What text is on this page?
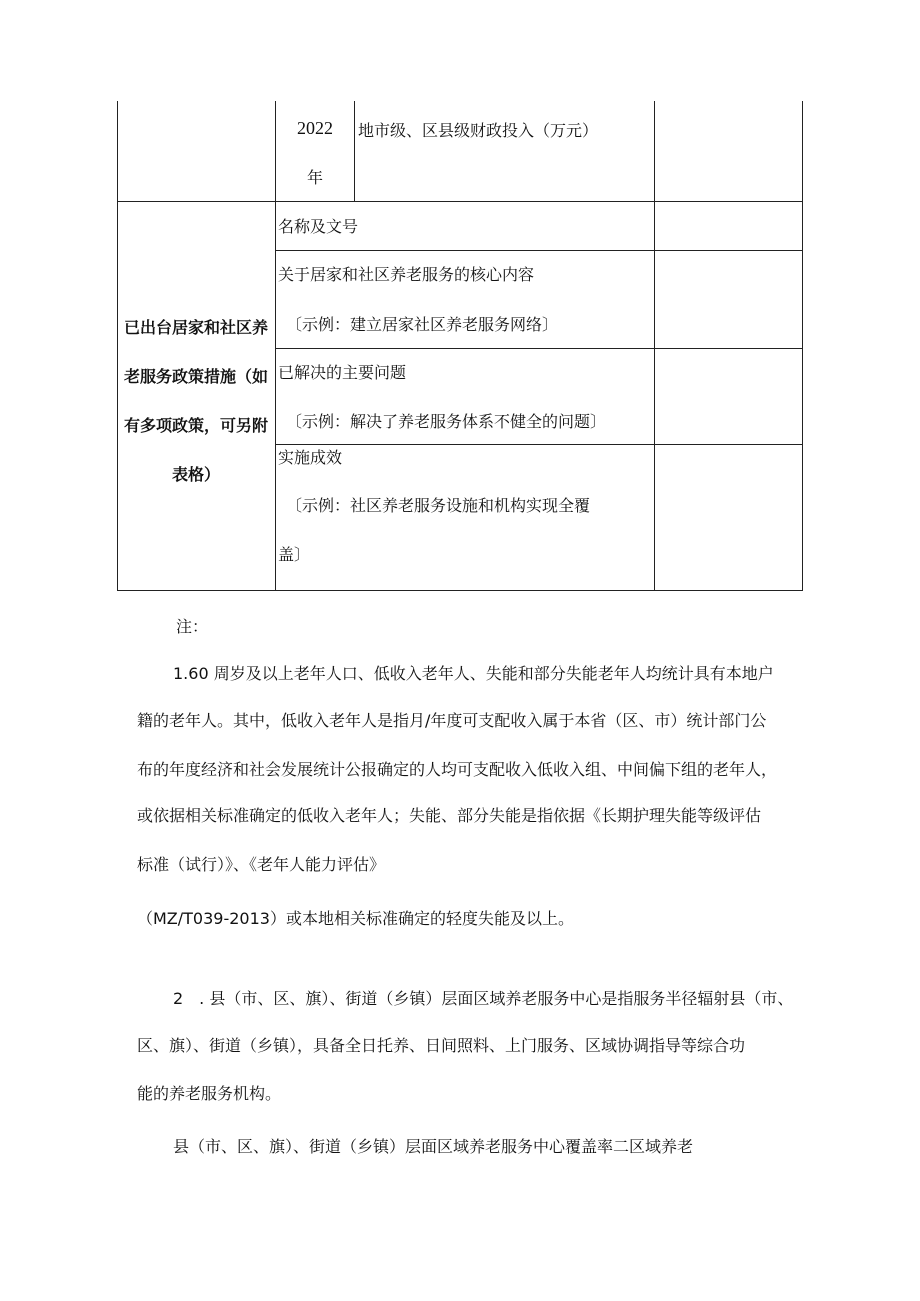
2022
年
地市级、区县级财政投入（万元）
已出台居家和社区养
老服务政策措施（如
有多项政策，可另附
表格）
名称及文号
关于居家和社区养老服务的核心内容
〔示例：建立居家社区养老服务网络〕
已解决的主要问题
〔示例：解决了养老服务体系不健全的问题〕
实施成效
〔示例：社区养老服务设施和机构实现全覆
盖〕
注：
1.60 周岁及以上老年人口、低收入老年人、失能和部分失能老年人均统计具有本地户
籍的老年人。其中，低收入老年人是指月/年度可支配收入属于本省（区、市）统计部门公
布的年度经济和社会发展统计公报确定的人均可支配收入低收入组、中间偏下组的老年人，
或依据相关标准确定的低收入老年人；失能、部分失能是指依据《长期护理失能等级评估
标准（试行）》、《老年人能力评估》
（MZ/T039-2013）或本地相关标准确定的轻度失能及以上。
2　. 县（市、区、旗）、街道（乡镇）层面区域养老服务中心是指服务半径辐射县（市、
区、旗）、街道（乡镇），具备全日托养、日间照料、上门服务、区域协调指导等综合功
能的养老服务机构。
县（市、区、旗）、街道（乡镇）层面区域养老服务中心覆盖率二区域养老
